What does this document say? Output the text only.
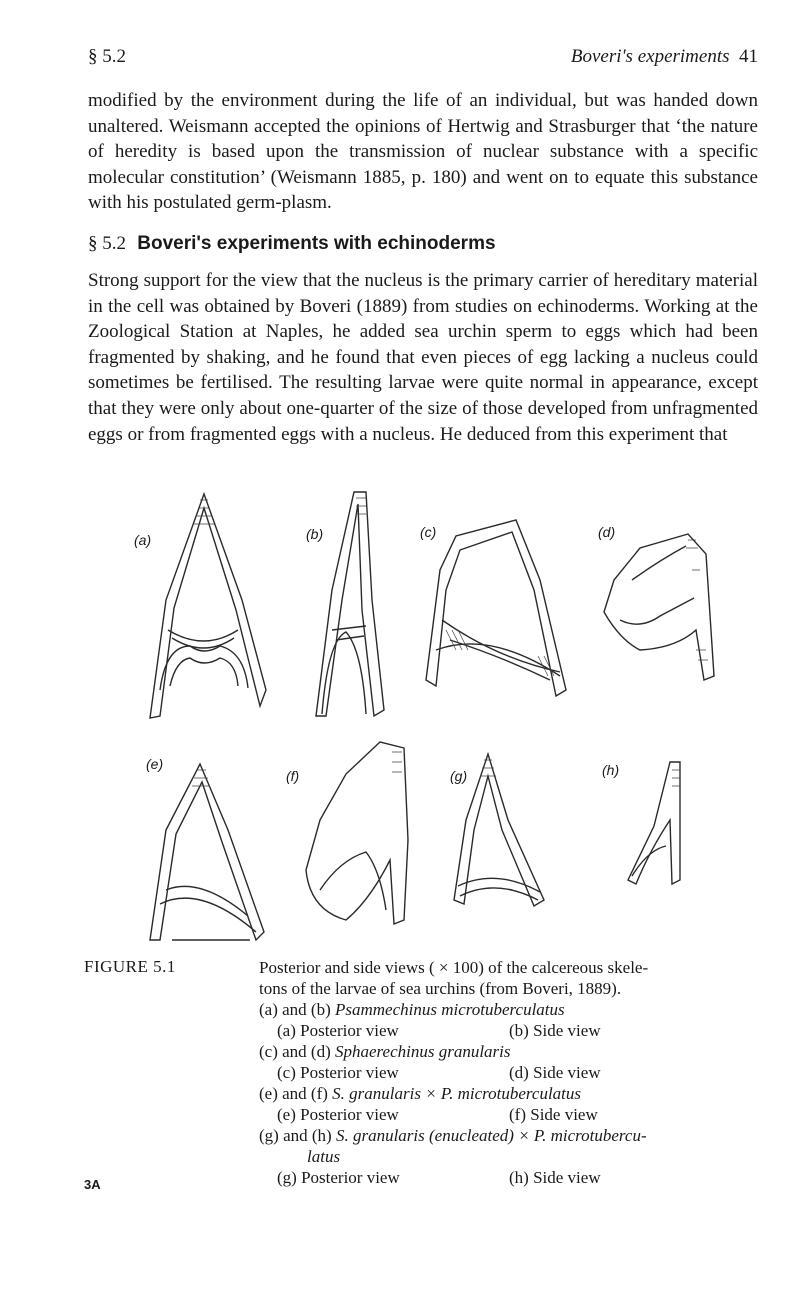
§ 5.2	Boveri's experiments 41

modified by the environment during the life of an individual, but was handed down unaltered. Weismann accepted the opinions of Hertwig and Strasburger that ‘the nature of heredity is based upon the transmission of nuclear substance with a specific molecular constitution’ (Weismann 1885, p. 180) and went on to equate this substance with his postulated germ-plasm.

§ 5.2 Boveri's experiments with echinoderms

Strong support for the view that the nucleus is the primary carrier of hereditary material in the cell was obtained by Boveri (1889) from studies on echinoderms. Working at the Zoological Station at Naples, he added sea urchin sperm to eggs which had been fragmented by shaking, and he found that even pieces of egg lacking a nucleus could sometimes be fertilised. The resulting larvae were quite normal in appearance, except that they were only about one-quarter of the size of those developed from unfragmented eggs or from fragmented eggs with a nucleus. He deduced from this experiment that

(a)	(b)	(c)	(d)
(e)
(f)	(g)	(h)
FIGURE 5.1	Posterior and side views ( × 100) of the calcereous skele-
tons of the larvae of sea urchins (from Boveri, 1889).
(a) and (b) Psammechinus microtuberculatus
(a) Posterior view	(b) Side view
(c) and (d) Sphaerechinus granularis
(c) Posterior view	(d) Side view
(e) and (f) S. granularis × P. microtuberculatus
(e) Posterior view	(f) Side view
(g) and (h) S. granularis (enucleated) × P. microtubercu-
latus
(g) Posterior view	(h) Side view
3A
